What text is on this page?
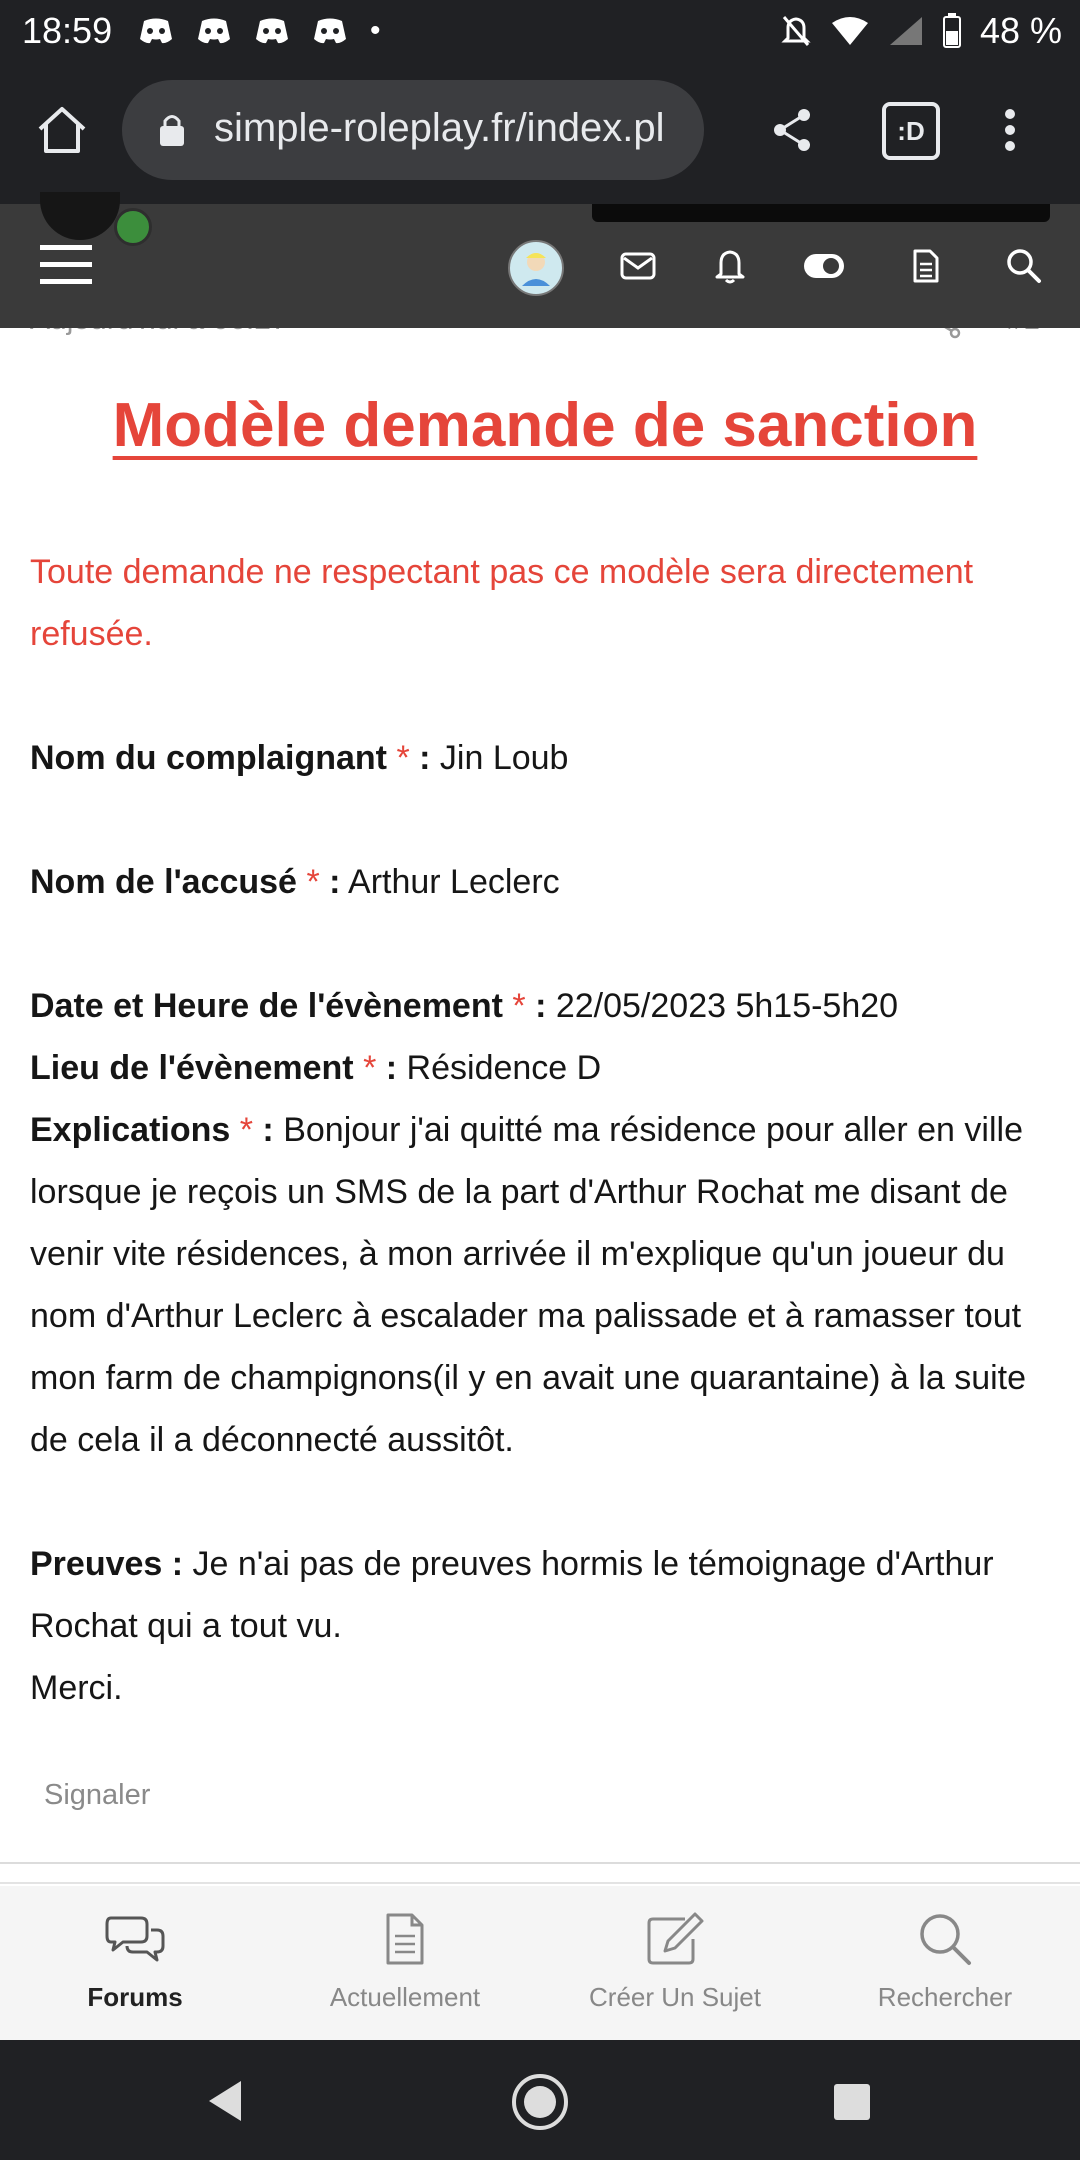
18:59	•	48 %
simple-roleplay.fr/index.pl	:D
Modèle demande de sanction
Toute demande ne respectant pas ce modèle sera directement refusée.
Nom du complaignant * : Jin Loub
Nom de l'accusé * : Arthur Leclerc
Date et Heure de l'évènement * : 22/05/2023 5h15-5h20
Lieu de l'évènement * : Résidence D
Explications * : Bonjour j'ai quitté ma résidence pour aller en ville lorsque je reçois un SMS de la part d'Arthur Rochat me disant de venir vite résidences, à mon arrivée il m'explique qu'un joueur du nom d'Arthur Leclerc à escalader ma palissade et à ramasser tout mon farm de champignons(il y en avait une quarantaine) à la suite de cela il a déconnecté aussitôt.
Preuves : Je n'ai pas de preuves hormis le témoignage d'Arthur Rochat qui a tout vu.
Merci.
Signaler
Forums	Actuellement	Créer Un Sujet	Rechercher
